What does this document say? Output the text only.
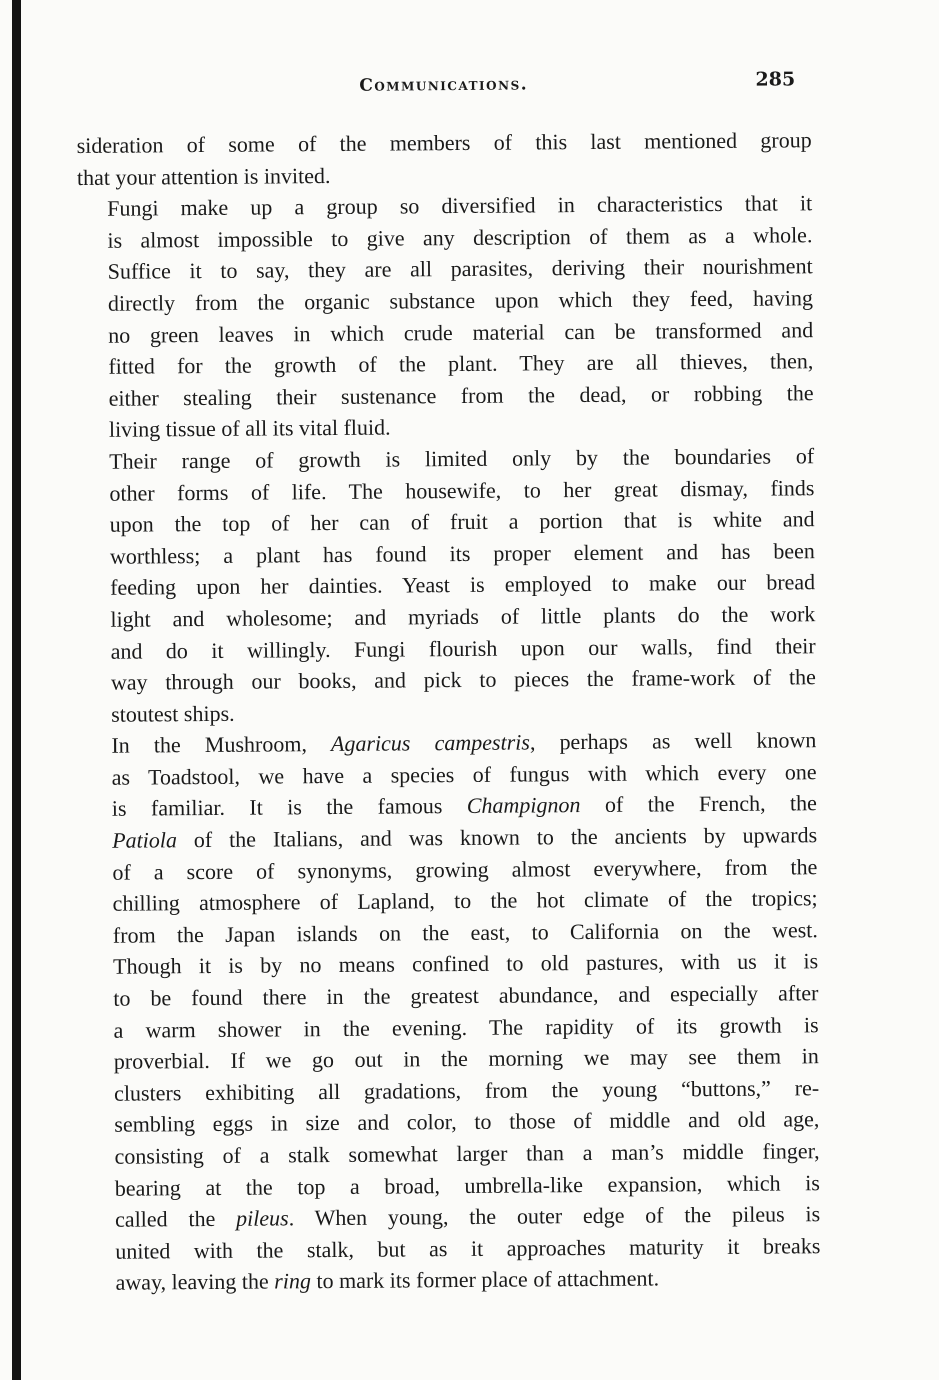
Communications.	285

sideration of some of the members of this last mentioned group
that your attention is invited.

Fungi make up a group so diversified in characteristics that it
is almost impossible to give any description of them as a whole.
Suffice it to say, they are all parasites, deriving their nourishment
directly from the organic substance upon which they feed, having
no green leaves in which crude material can be transformed and
fitted for the growth of the plant. They are all thieves, then,
either stealing their sustenance from the dead, or robbing the
living tissue of all its vital fluid.

Their range of growth is limited only by the boundaries of
other forms of life. The housewife, to her great dismay, finds
upon the top of her can of fruit a portion that is white and
worthless; a plant has found its proper element and has been
feeding upon her dainties. Yeast is employed to make our bread
light and wholesome; and myriads of little plants do the work
and do it willingly. Fungi flourish upon our walls, find their
way through our books, and pick to pieces the frame-work of the
stoutest ships.

In the Mushroom, Agaricus campestris, perhaps as well known
as Toadstool, we have a species of fungus with which every one
is familiar. It is the famous Champignon of the French, the
Patiola of the Italians, and was known to the ancients by upwards
of a score of synonyms, growing almost everywhere, from the
chilling atmosphere of Lapland, to the hot climate of the tropics;
from the Japan islands on the east, to California on the west.
Though it is by no means confined to old pastures, with us it is
to be found there in the greatest abundance, and especially after
a warm shower in the evening. The rapidity of its growth is
proverbial. If we go out in the morning we may see them in
clusters exhibiting all gradations, from the young “buttons,” re-
sembling eggs in size and color, to those of middle and old age,
consisting of a stalk somewhat larger than a man’s middle finger,
bearing at the top a broad, umbrella-like expansion, which is
called the pileus. When young, the outer edge of the pileus is
united with the stalk, but as it approaches maturity it breaks
away, leaving the ring to mark its former place of attachment.
